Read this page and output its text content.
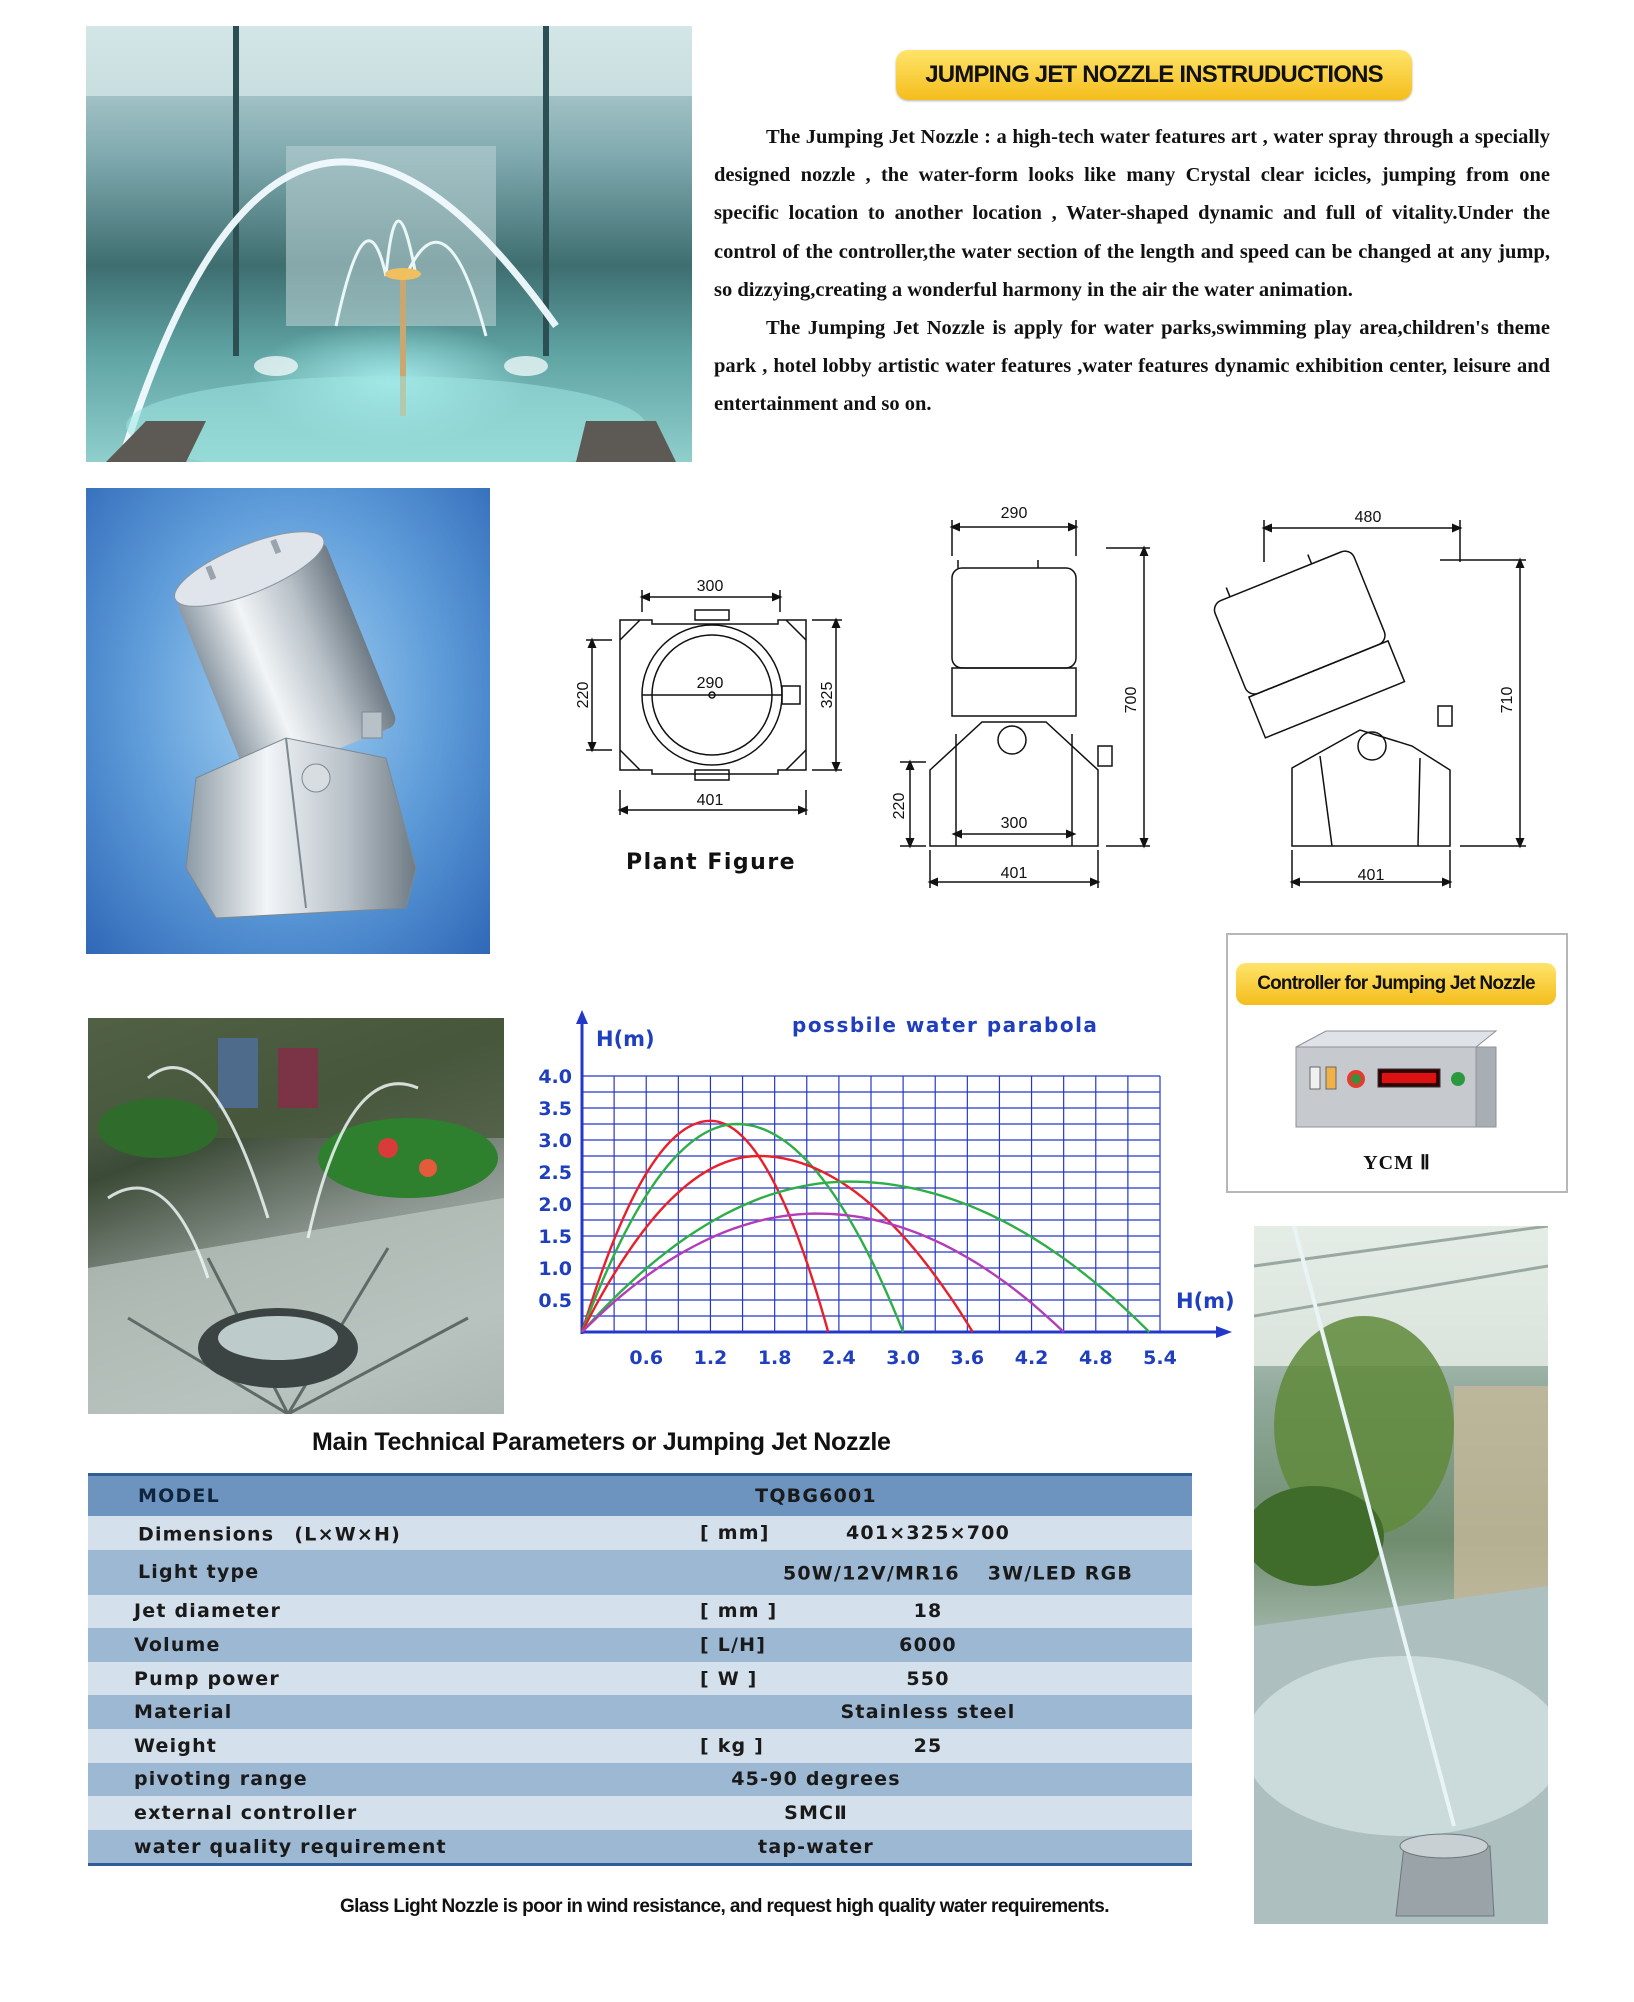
JUMPING JET NOZZLE INSTRUDUCTIONS

The Jumping Jet Nozzle : a high-tech water features art , water spray through a specially designed nozzle , the water-form looks like many Crystal clear icicles, jumping from one specific location to another location , Water-shaped dynamic and full of vitality.Under the control of the controller,the water section of the length and speed can be changed at any jump, so dizzying,creating a wonderful harmony in the air the water animation.

The Jumping Jet Nozzle is apply for water parks,swimming play area,children's theme park , hotel lobby artistic water features ,water features dynamic exhibition center, leisure and entertainment and so on.

300
290
401
220	325
290
700
220
300
401
480
710
401
Plant Figure
Controller for Jumping Jet Nozzle
YCM Ⅱ
0.6 1.2 1.8 2.4 3.0 3.6 4.2 4.8 5.4
0.5
1.0
1.5
2.0
2.5
3.0
3.5
4.0
possbile water parabola
H(m)
H(m)
Main Technical Parameters or Jumping Jet Nozzle
MODEL	TQBG6001
Dimensions　(L×W×H)	[ mm]	401×325×700
Light type	50W/12V/MR16　 3W/LED RGB
Jet diameter	[ mm ]	18
Volume	[ L/H]	6000
Pump power	[ W ]	550
Material	Stainless steel
Weight	[ kg ]	25
pivoting range	45-90 degrees
external controller	SMCⅡ
water quality requirement	tap-water
Glass Light Nozzle is poor in wind resistance, and request high quality water requirements.
